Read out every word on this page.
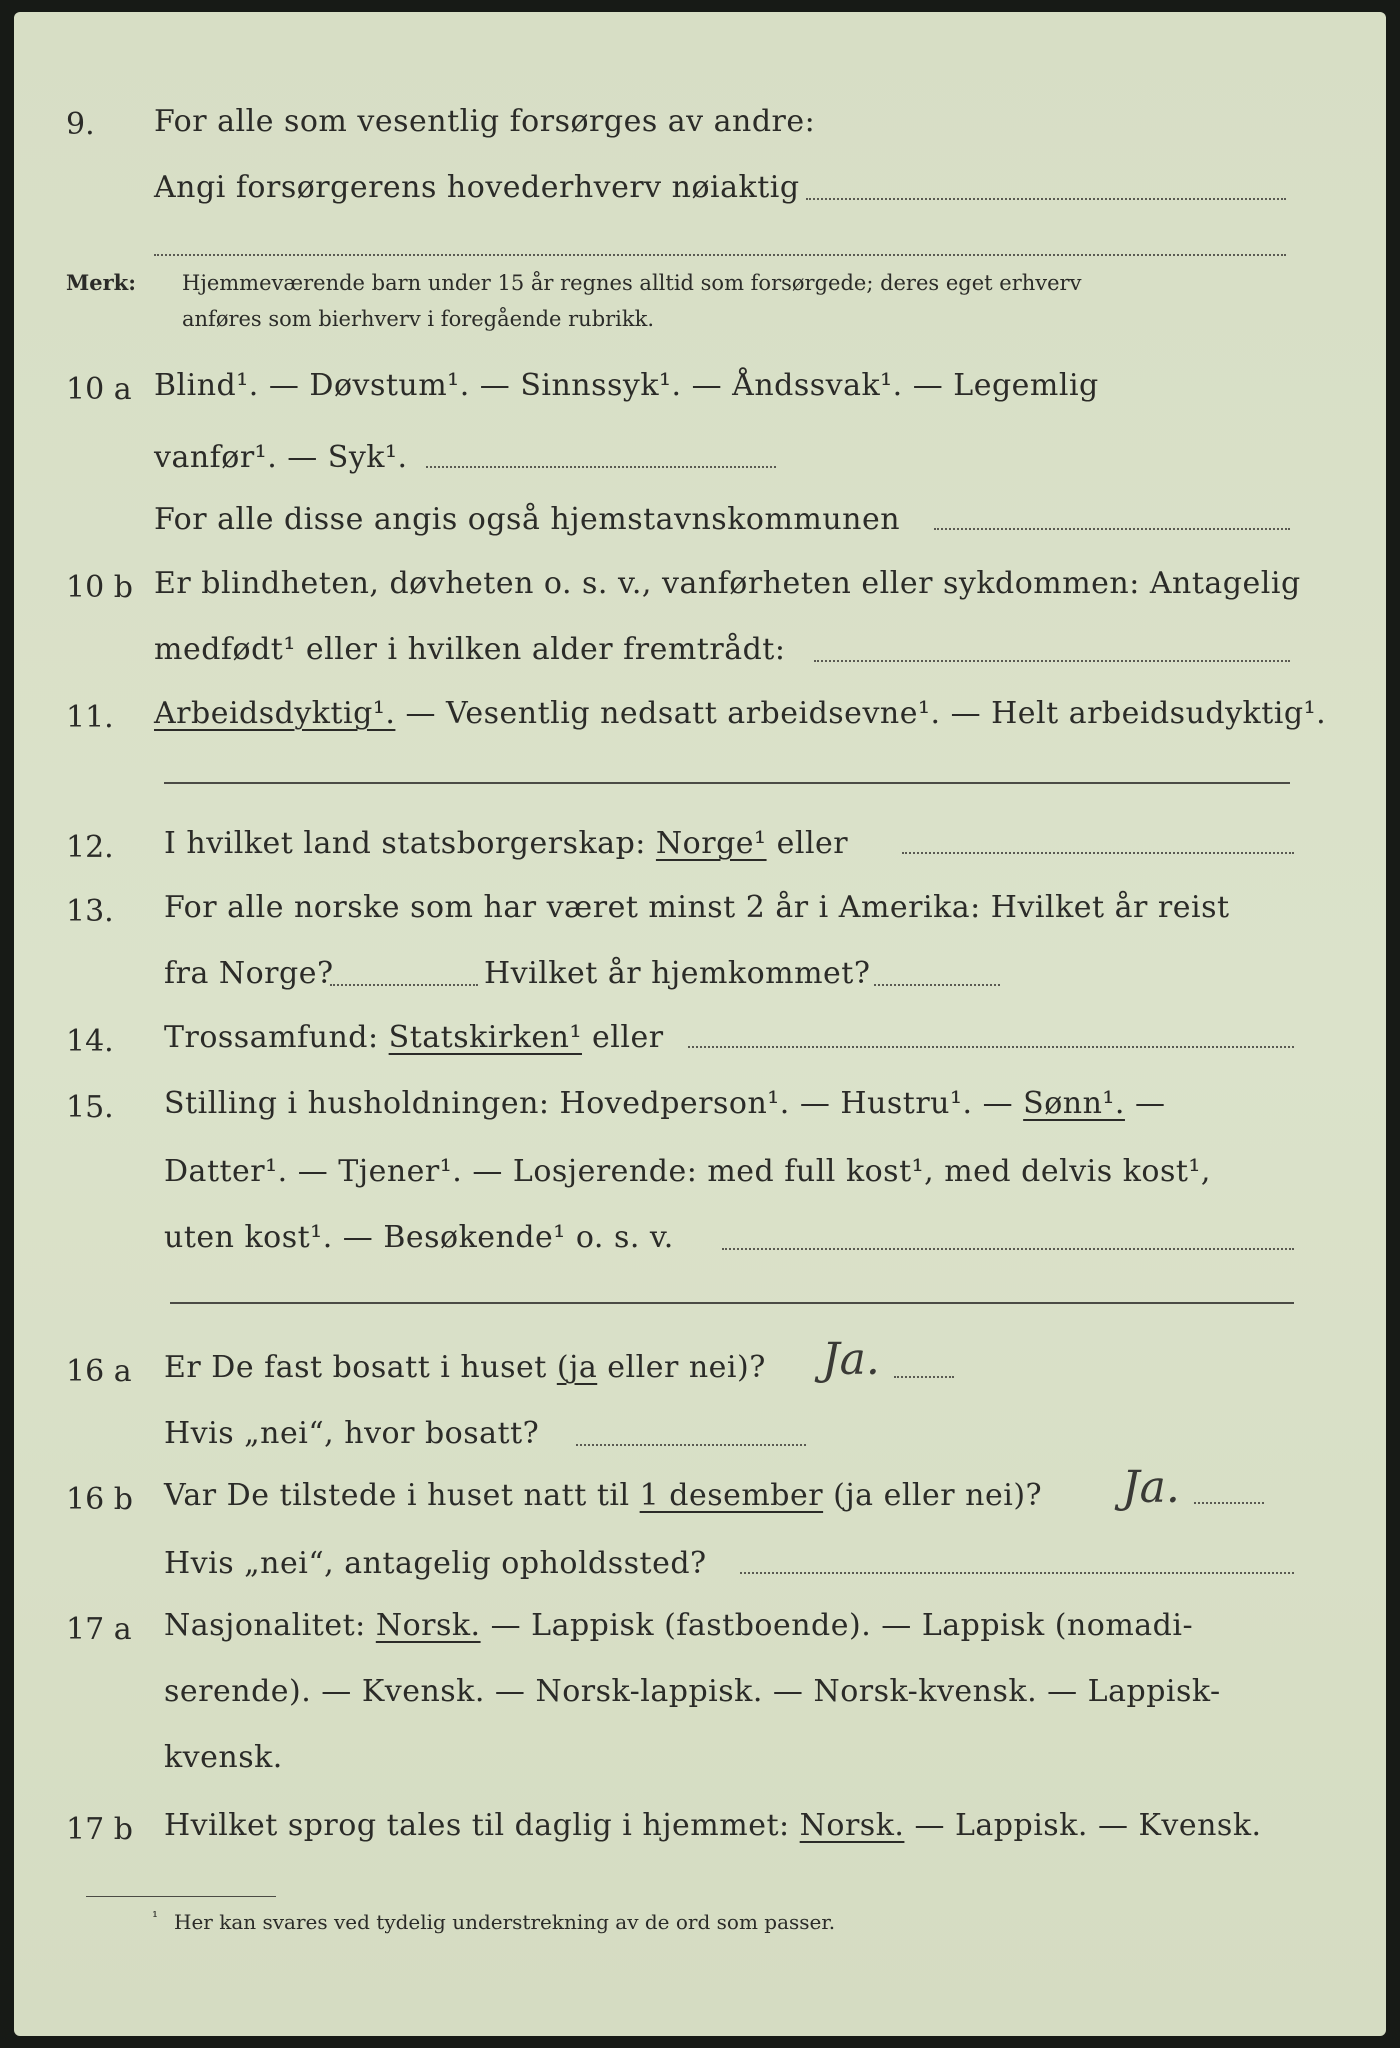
9. For alle som vesentlig forsørges av andre:
Angi forsørgerens hovederhverv nøiaktig
Merk: Hjemmeværende barn under 15 år regnes alltid som forsørgede; deres eget erhverv
anføres som bierhverv i foregående rubrikk.
10 a Blind¹. — Døvstum¹. — Sinnssyk¹. — Åndssvak¹. — Legemlig
vanfør¹. — Syk¹.
For alle disse angis også hjemstavnskommunen
10 b Er blindheten, døvheten o. s. v., vanførheten eller sykdommen: Antagelig
medfødt¹ eller i hvilken alder fremtrådt:
11. Arbeidsdyktig¹. — Vesentlig nedsatt arbeidsevne¹. — Helt arbeidsudyktig¹.
12. I hvilket land statsborgerskap: Norge¹ eller
13. For alle norske som har været minst 2 år i Amerika: Hvilket år reist
fra Norge?	Hvilket år hjemkommet?
14. Trossamfund: Statskirken¹ eller
15. Stilling i husholdningen: Hovedperson¹. — Hustru¹. — Sønn¹. —
Datter¹. — Tjener¹. — Losjerende: med full kost¹, med delvis kost¹,
uten kost¹. — Besøkende¹ o. s. v.
16 a Er De fast bosatt i huset (ja eller nei)? Ja.
Hvis „nei“, hvor bosatt?
16 b Var De tilstede i huset natt til 1 desember (ja eller nei)? Ja.
Hvis „nei“, antagelig opholdssted?
17 a Nasjonalitet: Norsk. — Lappisk (fastboende). — Lappisk (nomadi-
serende). — Kvensk. — Norsk-lappisk. — Norsk-kvensk. — Lappisk-
kvensk.
17 b Hvilket sprog tales til daglig i hjemmet: Norsk. — Lappisk. — Kvensk.
¹ Her kan svares ved tydelig understrekning av de ord som passer.
